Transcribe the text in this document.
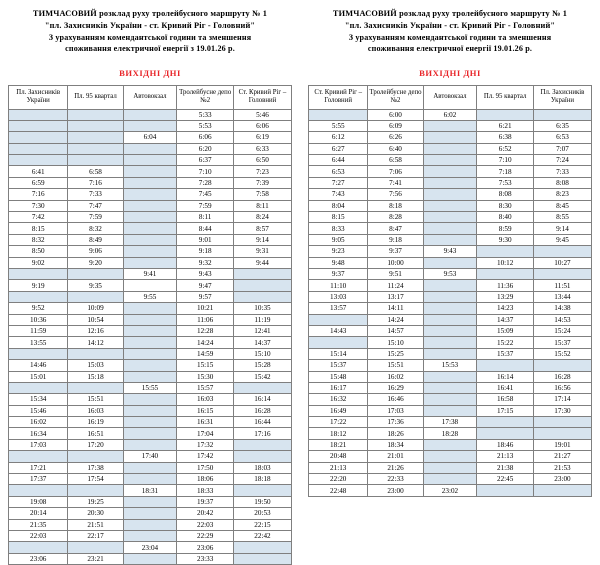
ТИМЧАСОВИЙ розклад руху тролейбусного маршруту № 1
"пл. Захисників України - ст. Кривий Ріг - Головний"
З урахуванням комендантської години та зменшення
споживання електричної енергії з 19.01.26 р.
ВИХІДНІ ДНІ
Пл. Захисників України	Пл. 95 квартал	Автовокзал	Тролейбусне депо №2	Ст. Кривий Ріг – Головний
			5:33	5:46
			5:53	6:06
		6:04	6:06	6:19
			6:20	6:33
			6:37	6:50
6:41	6:58		7:10	7:23
6:59	7:16		7:28	7:39
7:16	7:33		7:45	7:58
7:30	7:47		7:59	8:11
7:42	7:59		8:11	8:24
8:15	8:32		8:44	8:57
8:32	8:49		9:01	9:14
8:50	9:06		9:18	9:31
9:02	9:20		9:32	9:44
		9:41	9:43	
9:19	9:35		9:47	
		9:55	9:57	
9:52	10:09		10:21	10:35
10:36	10:54		11:06	11:19
11:59	12:16		12:28	12:41
13:55	14:12		14:24	14:37
			14:59	15:10
14:46	15:03		15:15	15:28
15:01	15:18		15:30	15:42
		15:55	15:57	
15:34	15:51		16:03	16:14
15:46	16:03		16:15	16:28
16:02	16:19		16:31	16:44
16:34	16:51		17:04	17:16
17:03	17:20		17:32	
		17:40	17:42	
17:21	17:38		17:50	18:03
17:37	17:54		18:06	18:18
		18:31	18:33	
19:08	19:25		19:37	19:50
20:14	20:30		20:42	20:53
21:35	21:51		22:03	22:15
22:03	22:17		22:29	22:42
		23:04	23:06	
23:06	23:21		23:33	
ТИМЧАСОВИЙ розклад руху тролейбусного маршруту № 1
"пл. Захисників України - ст. Кривий Ріг - Головний"
З урахуванням комендантської години та зменшення
споживання електричної енергії 19.01.26 р.
ВИХІДНІ ДНІ
Ст. Кривий Ріг – Головний	Тролейбусне депо №2	Автовокзал	Пл. 95 квартал	Пл. Захисників України
	6:00	6:02		
5:55	6:09		6:21	6:35
6:12	6:26		6:38	6:53
6:27	6:40		6:52	7:07
6:44	6:58		7:10	7:24
6:53	7:06		7:18	7:33
7:27	7:41		7:53	8:08
7:43	7:56		8:08	8:23
8:04	8:18		8:30	8:45
8:15	8:28		8:40	8:55
8:33	8:47		8:59	9:14
9:05	9:18		9:30	9:45
9:23	9:37	9:43		
9:48	10:00		10:12	10:27
9:37	9:51	9:53		
11:10	11:24		11:36	11:51
13:03	13:17		13:29	13:44
13:57	14:11		14:23	14:38
	14:24		14:37	14:53
14:43	14:57		15:09	15:24
	15:10		15:22	15:37
15:14	15:25		15:37	15:52
15:37	15:51	15:53		
15:48	16:02		16:14	16:28
16:17	16:29		16:41	16:56
16:32	16:46		16:58	17:14
16:49	17:03		17:15	17:30
17:22	17:36	17:38		
18:12	18:26	18:28		
18:21	18:34		18:46	19:01
20:48	21:01		21:13	21:27
21:13	21:26		21:38	21:53
22:20	22:33		22:45	23:00
22:48	23:00	23:02		
